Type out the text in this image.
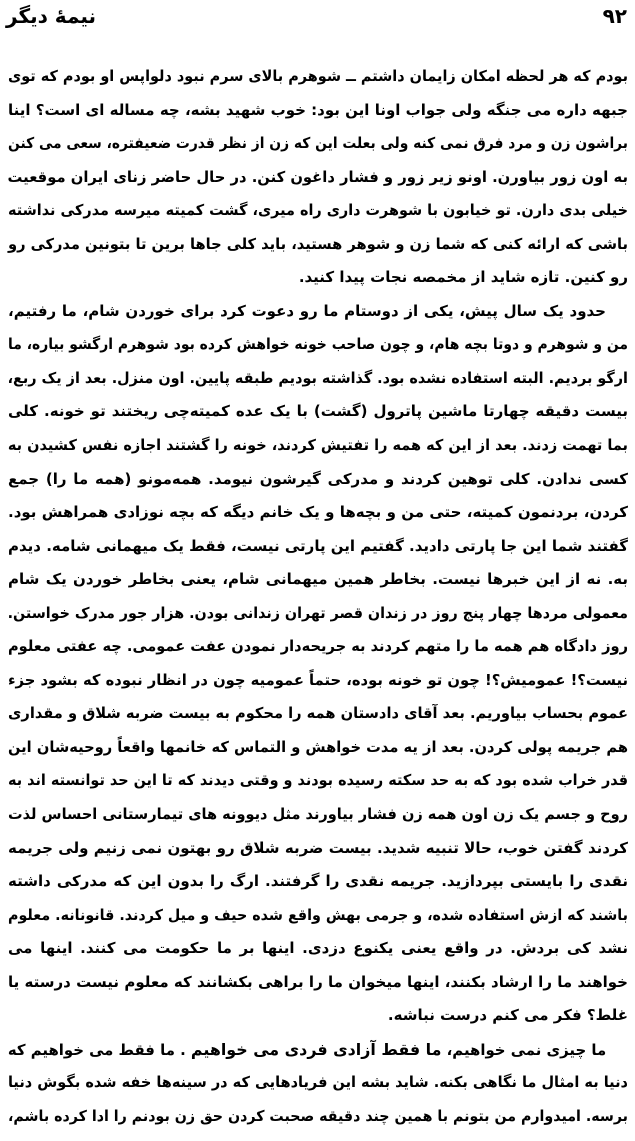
نیمهٔ دیگر	۹۲
بودم که هر لحظه امکان زایمان داشتم ــ شوهرم بالای سرم نبود دلواپس او بودم که توی
جبهه داره می جنگه ولی جواب اونا این بود: خوب شهید بشه، چه مساله ای است؟ اینا
براشون زن و مرد فرق نمی کنه ولی بعلت این که زن از نظر قدرت ضعیفتره، سعی می کنن
به اون زور بیاورن. اونو زیر زور و فشار داغون کنن. در حال حاضر زنای ایران موقعیت
خیلی بدی دارن. تو خیابون با شوهرت داری راه میری، گشت کمیته میرسه مدرکی نداشته
باشی که ارائه کنی که شما زن و شوهر هستید، باید کلی جاها برین تا بتونین مدرکی رو
رو کنین. تازه شاید از مخمصه نجات پیدا کنید.
حدود یک سال پیش، یکی از دوستام ما رو دعوت کرد برای خوردن شام، ما رفتیم،
من و شوهرم و دوتا بچه هام، و چون صاحب خونه خواهش کرده بود شوهرم ارگشو بیاره، ما
ارگو بردیم. البته استفاده نشده بود. گذاشته بودیم طبقه پایین. اون منزل. بعد از یک ربع،
بیست دقیقه چهارتا ماشین پاترول (گشت) با یک عده کمیته‌چی ریختند تو خونه. کلی
بما تهمت زدند. بعد از این که همه را تفتیش کردند، خونه را گشتند اجازه نفس کشیدن به
کسی ندادن. کلی توهین کردند و مدرکی گیرشون نیومد. همه‌مونو (همه ما را) جمع
کردن، بردنمون کمیته، حتی من و بچه‌ها و یک خانم دیگه که بچه نوزادی همراهش بود.
گفتند شما این جا پارتی دادید. گفتیم این پارتی نیست، فقط یک میهمانی شامه. دیدم
به. نه از این خبرها نیست. بخاطر همین میهمانی شام، یعنی بخاطر خوردن یک شام
معمولی مردها چهار پنج روز در زندان قصر تهران زندانی بودن. هزار جور مدرک خواستن.
روز دادگاه هم همه ما را متهم کردند به جریحه‌دار نمودن عفت عمومی. چه عفتی معلوم
نیست؟! عمومیش؟! چون تو خونه بوده، حتماً عمومیه چون در انظار نبوده که بشود جزء
عموم بحساب بیاوریم. بعد آقای دادستان همه را محکوم به بیست ضربه شلاق و مقداری
هم جریمه پولی کردن. بعد از یه مدت خواهش و التماس که خانمها واقعاً روحیه‌شان این
قدر خراب شده بود که به حد سکته رسیده بودند و وقتی دیدند که تا این حد توانسته اند به
روح و جسم یک زن اون همه زن فشار بیاورند مثل دیوونه های تیمارستانی احساس لذت
کردند گفتن خوب، حالا تنبیه شدید. بیست ضربه شلاق رو بهتون نمی زنیم ولی جریمه
نقدی را بایستی بپردازید. جریمه نقدی را گرفتند. ارگ را بدون این که مدرکی داشته
باشند که ازش استفاده شده، و جرمی بهش واقع شده حیف و میل کردند. قانونانه. معلوم
نشد کی بردش. در واقع یعنی یکنوع دزدی. اینها بر ما حکومت می کنند. اینها می
خواهند ما را ارشاد بکنند، اینها میخوان ما را براهی بکشانند که معلوم نیست درسته یا
غلط؟ فکر می کنم درست نباشه.
ما چیزی نمی خواهیم، ما فقط آزادی فردی می خواهیم . ما فقط می خواهیم که
دنیا به امثال ما نگاهی بکنه. شاید بشه این فریادهایی که در سینه‌ها خفه شده بگوش دنیا
برسه. امیدوارم من بتونم با همین چند دقیقه صحبت کردن حق زن بودنم را ادا کرده باشم،
